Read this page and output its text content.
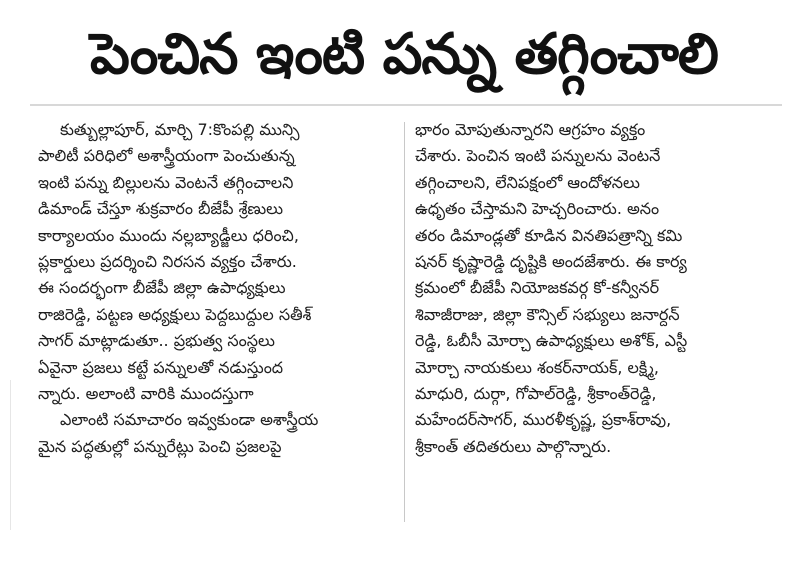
పెంచిన ఇంటి పన్ను తగ్గించాలి
కుత్బుల్లాపూర్, మార్చి 7:కొంపల్లి మున్సి
పాలిటీ పరిధిలో అశాస్త్రీయంగా పెంచుతున్న
ఇంటి పన్ను బిల్లులను వెంటనే తగ్గించాలని
డిమాండ్ చేస్తూ శుక్రవారం బీజేపీ శ్రేణులు
కార్యాలయం ముందు నల్లబ్యాడ్జీలు ధరించి,
ప్లకార్డులు ప్రదర్శించి నిరసన వ్యక్తం చేశారు.
ఈ సందర్భంగా బీజేపీ జిల్లా ఉపాధ్యక్షులు
రాజిరెడ్డి, పట్టణ అధ్యక్షులు పెద్దబుద్దుల సతీశ్
సాగర్ మాట్లాడుతూ.. ప్రభుత్వ సంస్థలు
ఏవైనా ప్రజలు కట్టే పన్నులతో నడుస్తుంద
న్నారు. అలాంటి వారికి ముందస్తుగా
ఎలాంటి సమాచారం ఇవ్వకుండా అశాస్త్రీయ
మైన పద్ధతుల్లో పన్నురేట్లు పెంచి ప్రజలపై
భారం మోపుతున్నారని ఆగ్రహం వ్యక్తం
చేశారు. పెంచిన ఇంటి పన్నులను వెంటనే
తగ్గించాలని, లేనిపక్షంలో ఆందోళనలు
ఉధృతం చేస్తామని హెచ్చరించారు. అనం
తరం డిమాండ్లతో కూడిన వినతిపత్రాన్ని కమి
షనర్ కృష్ణారెడ్డి దృష్టికి అందజేశారు. ఈ కార్య
క్రమంలో బీజేపీ నియోజకవర్గ కో-కన్వీనర్
శివాజీరాజు, జిల్లా కౌన్సిల్ సభ్యులు జనార్దన్
రెడ్డి, ఓబీసీ మోర్చా ఉపాధ్యక్షులు అశోక్, ఎస్టీ
మోర్చా నాయకులు శంకర్‌నాయక్, లక్ష్మి,
మాధురి, దుర్గా, గోపాల్‌రెడ్డి, శ్రీకాంత్‌రెడ్డి,
మహేందర్‌సాగర్, మురళీకృష్ణ, ప్రకాశ్‌రావు,
శ్రీకాంత్ తదితరులు పాల్గొన్నారు.
